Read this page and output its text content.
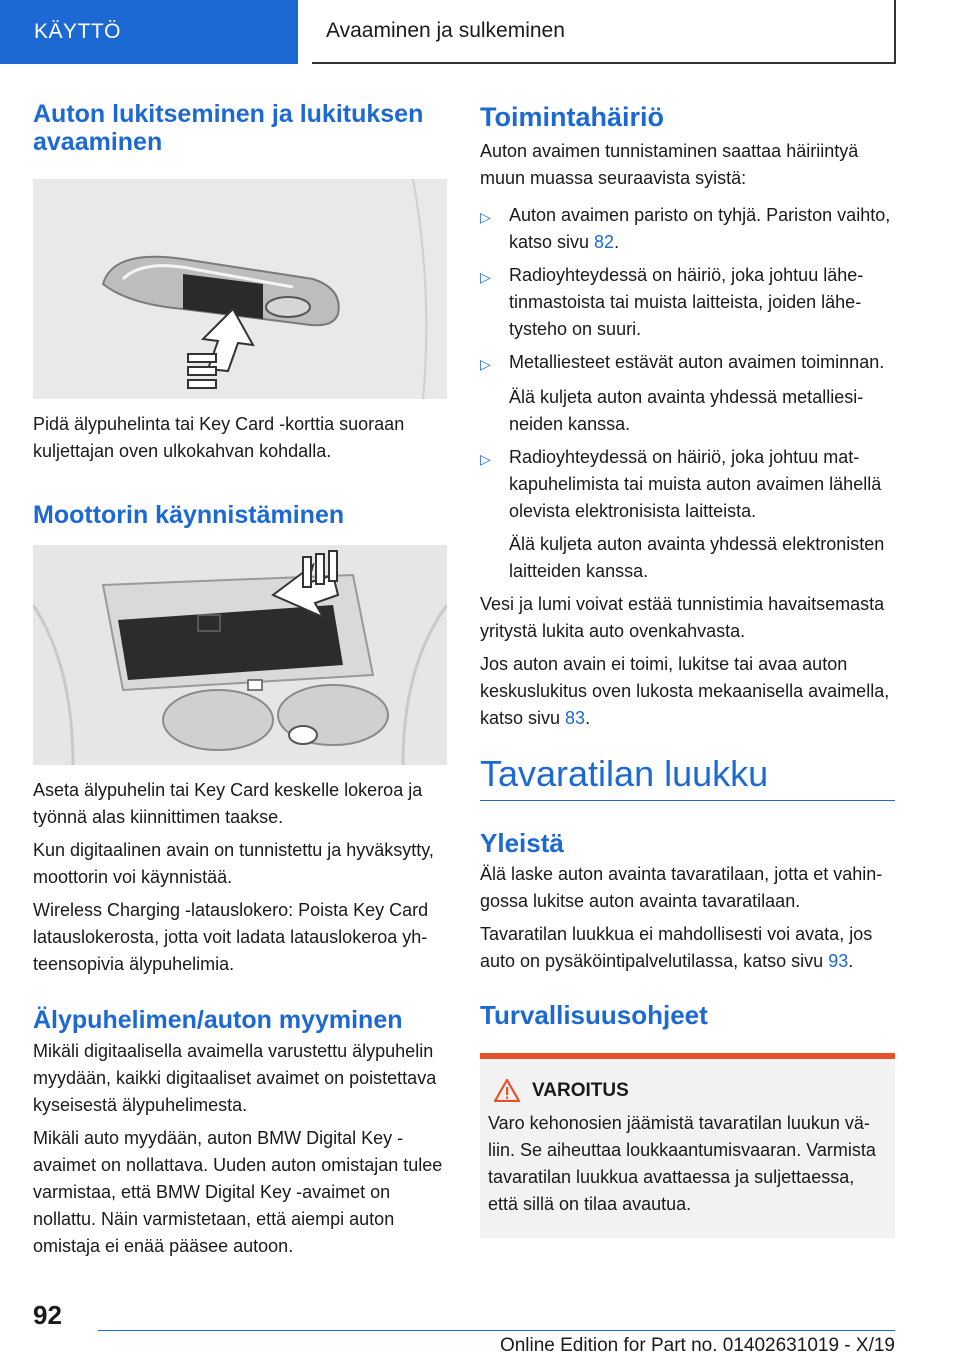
KÄYTTÖ	Avaaminen ja sulkeminen
Auton lukitseminen ja lukituksen avaaminen

Pidä älypuhelinta tai Key Card -korttia suoraan kuljettajan oven ulkokahvan kohdalla.

Moottorin käynnistäminen

Aseta älypuhelin tai Key Card keskelle lokeroa ja työnnä alas kiinnittimen taakse.

Kun digitaalinen avain on tunnistettu ja hyväksytty, moottorin voi käynnistää.

Wireless Charging -latauslokero: Poista Key Card latauslokerosta, jotta voit ladata latauslokeroa yhteensopivia älypuhelimia.

Älypuhelimen/auton myyminen

Mikäli digitaalisella avaimella varustettu älypuhelin myydään, kaikki digitaaliset avaimet on poistettava kyseisestä älypuhelimesta.

Mikäli auto myydään, auton BMW Digital Key -avaimet on nollattava. Uuden auton omistajan tulee varmistaa, että BMW Digital Key -avaimet on nollattu. Näin varmistetaan, että aiempi auton omistaja ei enää pääsee autoon.

Toimintahäiriö

Auton avaimen tunnistaminen saattaa häiriintyä muun muassa seuraavista syistä:

▷	Auton avaimen paristo on tyhjä. Pariston vaihto, katso sivu 82.
▷	Radioyhteydessä on häiriö, joka johtuu lähetinmastoista tai muista laitteista, joiden lähetysteho on suuri.
▷	Metalliesteet estävät auton avaimen toiminnan.
Älä kuljeta auton avainta yhdessä metalliesineiden kanssa.
▷	Radioyhteydessä on häiriö, joka johtuu matkapuhelimista tai muista auton avaimen lähellä olevista elektronisista laitteista.
Älä kuljeta auton avainta yhdessä elektronisten laitteiden kanssa.

Vesi ja lumi voivat estää tunnistimia havaitsemasta yritystä lukita auto ovenkahvasta.

Jos auton avain ei toimi, lukitse tai avaa auton keskuslukitus oven lukosta mekaanisella avaimella, katso sivu 83.

Tavaratilan luukku
Yleistä

Älä laske auton avainta tavaratilaan, jotta et vahingossa lukitse auton avainta tavaratilaan.

Tavaratilan luukkua ei mahdollisesti voi avata, jos auto on pysäköintipalvelutilassa, katso sivu 93.

Turvallisuusohjeet
VAROITUS

Varo kehonosien jäämistä tavaratilan luukun väliin. Se aiheuttaa loukkaantumisvaaran. Varmista tavaratilan luukkua avattaessa ja suljettaessa, että sillä on tilaa avautua.

92
Online Edition for Part no. 01402631019 - X/19
